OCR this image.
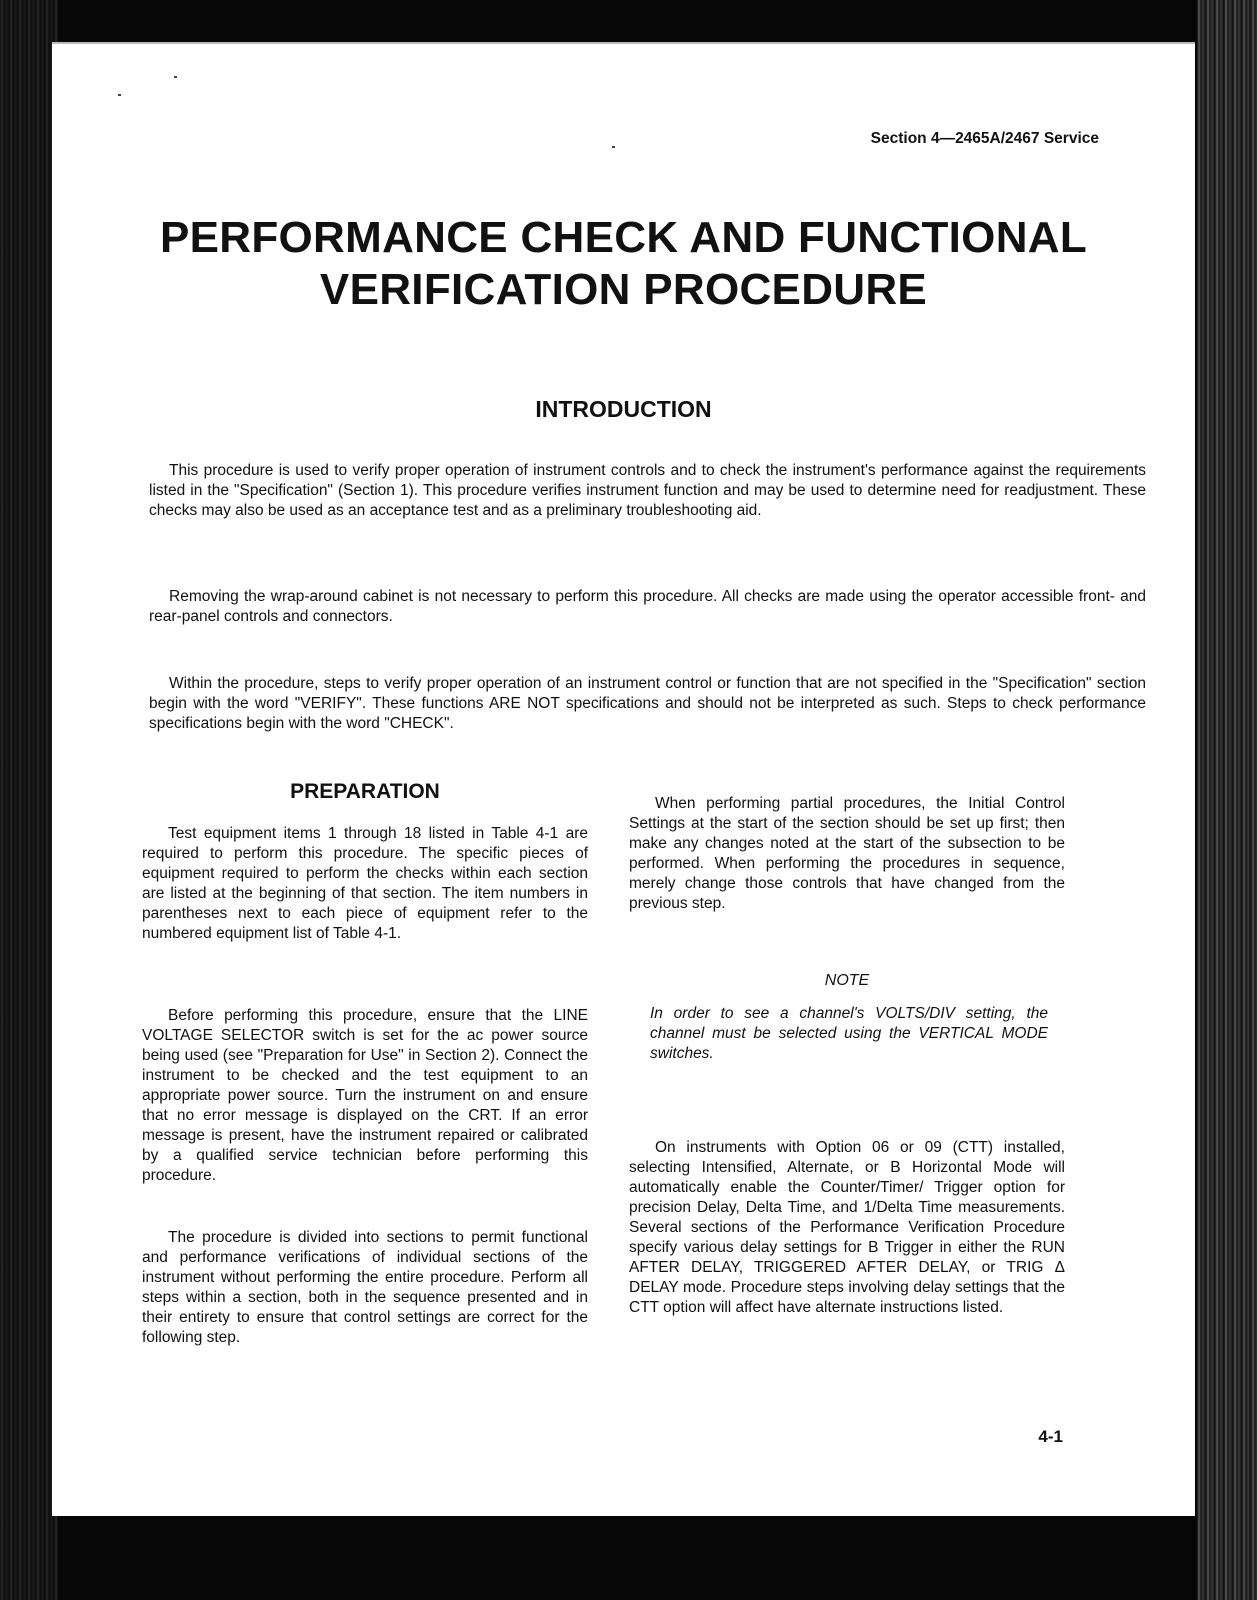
Section 4—2465A/2467 Service

PERFORMANCE CHECK AND FUNCTIONAL
VERIFICATION PROCEDURE
INTRODUCTION

This procedure is used to verify proper operation of instrument controls and to check the instrument's performance against the requirements listed in the "Specification" (Section 1). This procedure verifies instrument function and may be used to determine need for readjustment. These checks may also be used as an acceptance test and as a preliminary troubleshooting aid.

Removing the wrap-around cabinet is not necessary to perform this procedure. All checks are made using the operator accessible front- and rear-panel controls and connectors.

Within the procedure, steps to verify proper operation of an instrument control or function that are not specified in the "Specification" section begin with the word "VERIFY". These functions ARE NOT specifications and should not be interpreted as such. Steps to check performance specifications begin with the word "CHECK".

PREPARATION

Test equipment items 1 through 18 listed in Table 4-1 are required to perform this procedure. The specific pieces of equipment required to perform the checks within each section are listed at the beginning of that section. The item numbers in parentheses next to each piece of equipment refer to the numbered equipment list of Table 4-1.

Before performing this procedure, ensure that the LINE VOLTAGE SELECTOR switch is set for the ac power source being used (see "Preparation for Use" in Section 2). Connect the instrument to be checked and the test equipment to an appropriate power source. Turn the instrument on and ensure that no error message is displayed on the CRT. If an error message is present, have the instrument repaired or calibrated by a qualified service technician before performing this procedure.

The procedure is divided into sections to permit functional and performance verifications of individual sections of the instrument without performing the entire procedure. Perform all steps within a section, both in the sequence presented and in their entirety to ensure that control settings are correct for the following step.

When performing partial procedures, the Initial Control Settings at the start of the section should be set up first; then make any changes noted at the start of the subsection to be performed. When performing the procedures in sequence, merely change those controls that have changed from the previous step.

NOTE

In order to see a channel's VOLTS/DIV setting, the channel must be selected using the VERTICAL MODE switches.

On instruments with Option 06 or 09 (CTT) installed, selecting Intensified, Alternate, or B Horizontal Mode will automatically enable the Counter/Timer/ Trigger option for precision Delay, Delta Time, and 1/Delta Time measurements. Several sections of the Performance Verification Procedure specify various delay settings for B Trigger in either the RUN AFTER DELAY, TRIGGERED AFTER DELAY, or TRIG Δ DELAY mode. Procedure steps involving delay settings that the CTT option will affect have alternate instructions listed.

4-1
